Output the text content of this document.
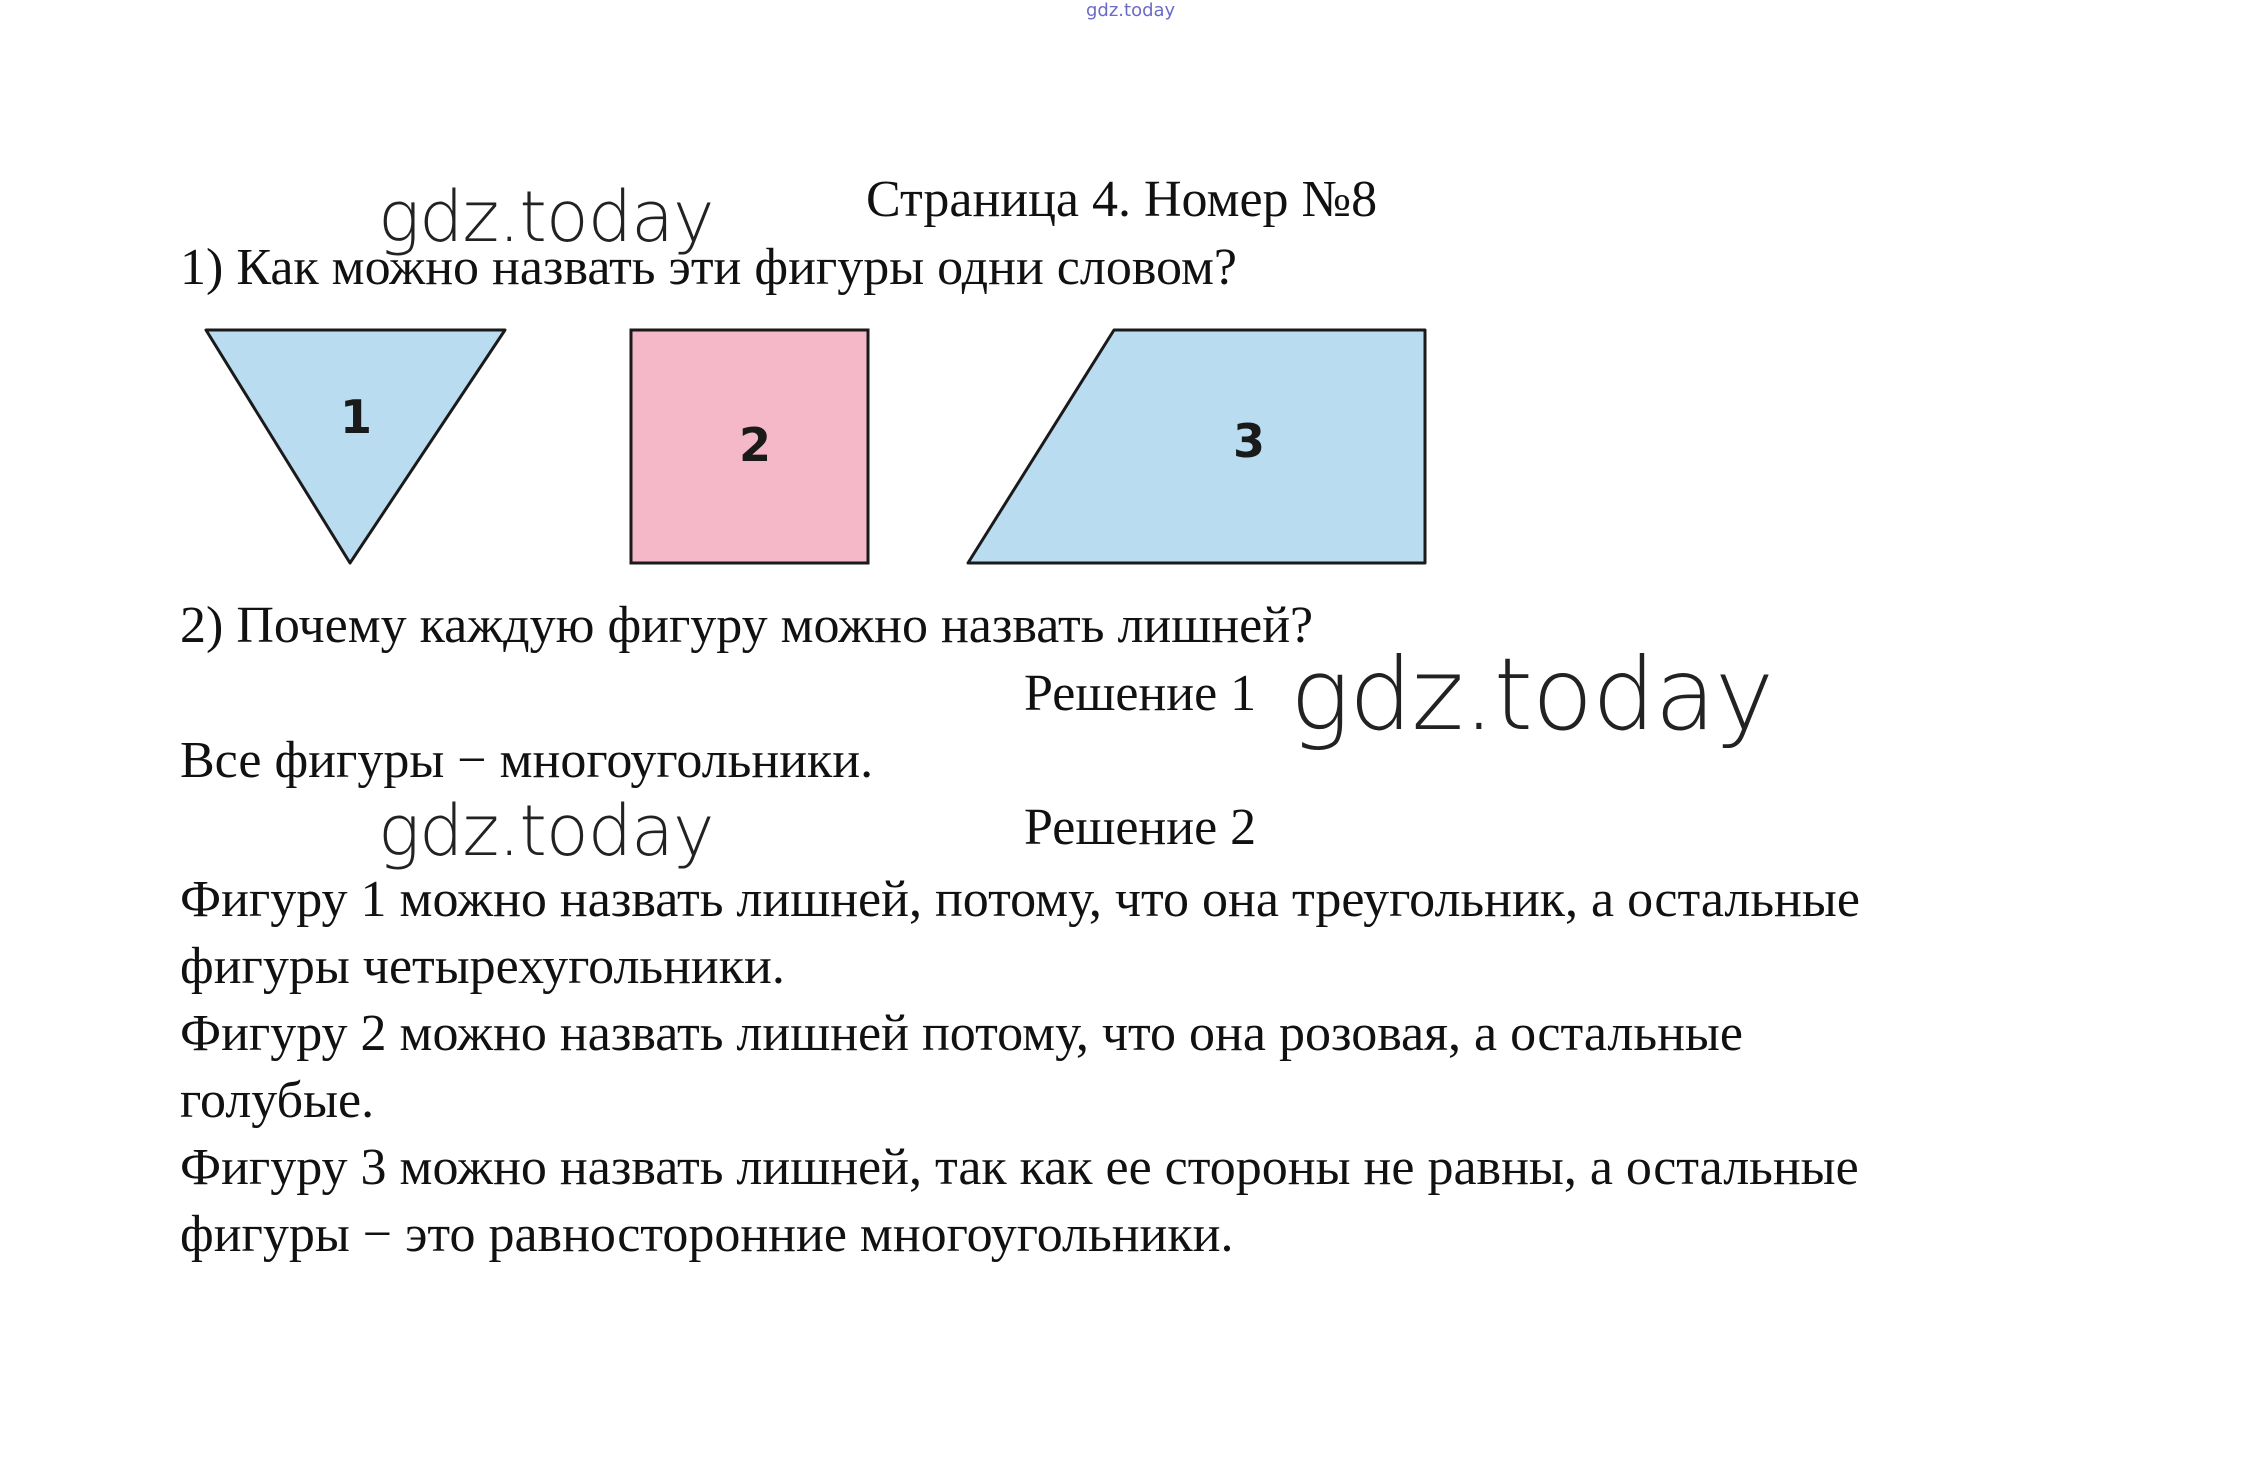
gdz.today
Страница 4. Номер №8
gdz.today
1) Как можно назвать эти фигуры одни словом?
1
2	3
2) Почему каждую фигуру можно назвать лишней?
Решение 1 gdz.today
Все фигуры − многоугольники.
gdz.today	Решение 2

Фигуру 1 можно назвать лишней, потому, что она треугольник, а остальные

фигуры четырехугольники.

Фигуру 2 можно назвать лишней потому, что она розовая, а остальные

голубые.

Фигуру 3 можно назвать лишней, так как ее стороны не равны, а остальные

фигуры − это равносторонние многоугольники.
